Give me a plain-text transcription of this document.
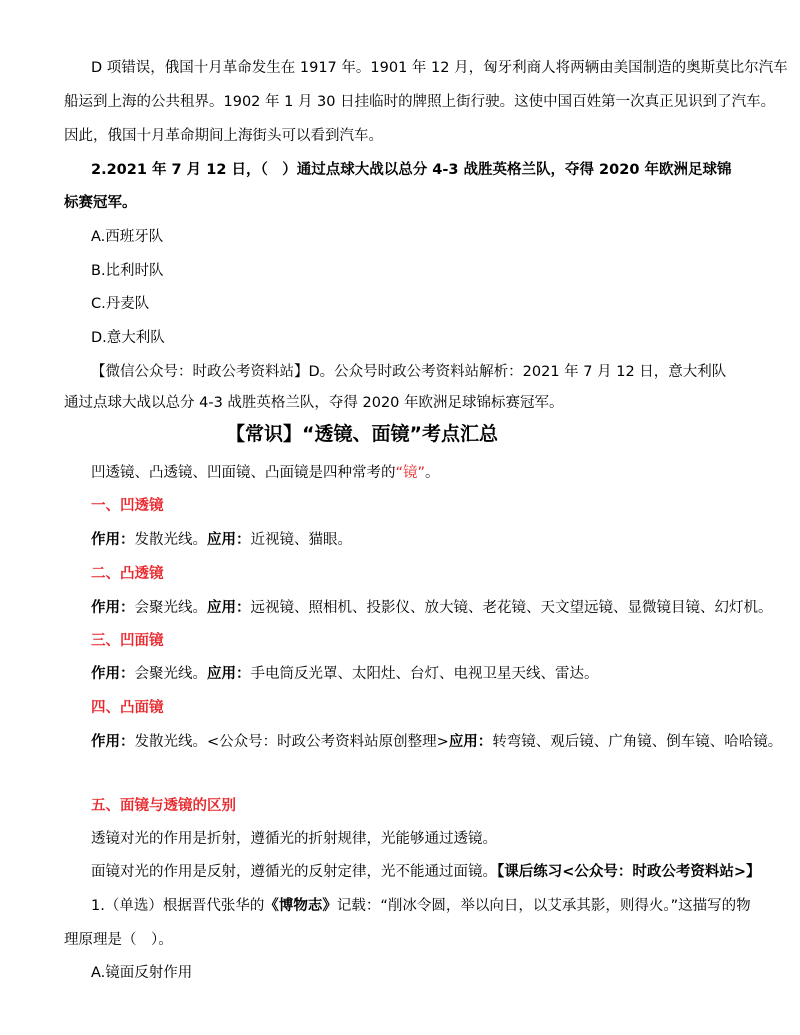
D 项错误，俄国十月革命发生在 1917 年。1901 年 12 月，匈牙利商人将两辆由美国制造的奥斯莫比尔汽车
船运到上海的公共租界。1902 年 1 月 30 日挂临时的牌照上街行驶。这使中国百姓第一次真正见识到了汽车。
因此，俄国十月革命期间上海街头可以看到汽车。
2.2021 年 7 月 12 日，（　）通过点球大战以总分 4-3 战胜英格兰队，夺得 2020 年欧洲足球锦
标赛冠军。
A.西班牙队
B.比利时队
C.丹麦队
D.意大利队
【微信公众号：时政公考资料站】D。公众号时政公考资料站解析：2021 年 7 月 12 日，意大利队
通过点球大战以总分 4-3 战胜英格兰队，夺得 2020 年欧洲足球锦标赛冠军。
【常识】“透镜、面镜”考点汇总
凹透镜、凸透镜、凹面镜、凸面镜是四种常考的“镜”。
一、凹透镜
作用：发散光线。应用：近视镜、猫眼。
二、凸透镜
作用：会聚光线。应用：远视镜、照相机、投影仪、放大镜、老花镜、天文望远镜、显微镜目镜、幻灯机。
三、凹面镜
作用：会聚光线。应用：手电筒反光罩、太阳灶、台灯、电视卫星天线、雷达。
四、凸面镜
作用：发散光线。<公众号：时政公考资料站原创整理>应用：转弯镜、观后镜、广角镜、倒车镜、哈哈镜。
五、面镜与透镜的区别
透镜对光的作用是折射，遵循光的折射规律，光能够通过透镜。
面镜对光的作用是反射，遵循光的反射定律，光不能通过面镜。【课后练习<公众号：时政公考资料站>】
1.（单选）根据晋代张华的《博物志》记载：“削冰令圆，举以向日，以艾承其影，则得火。”这描写的物
理原理是（　）。
A.镜面反射作用
